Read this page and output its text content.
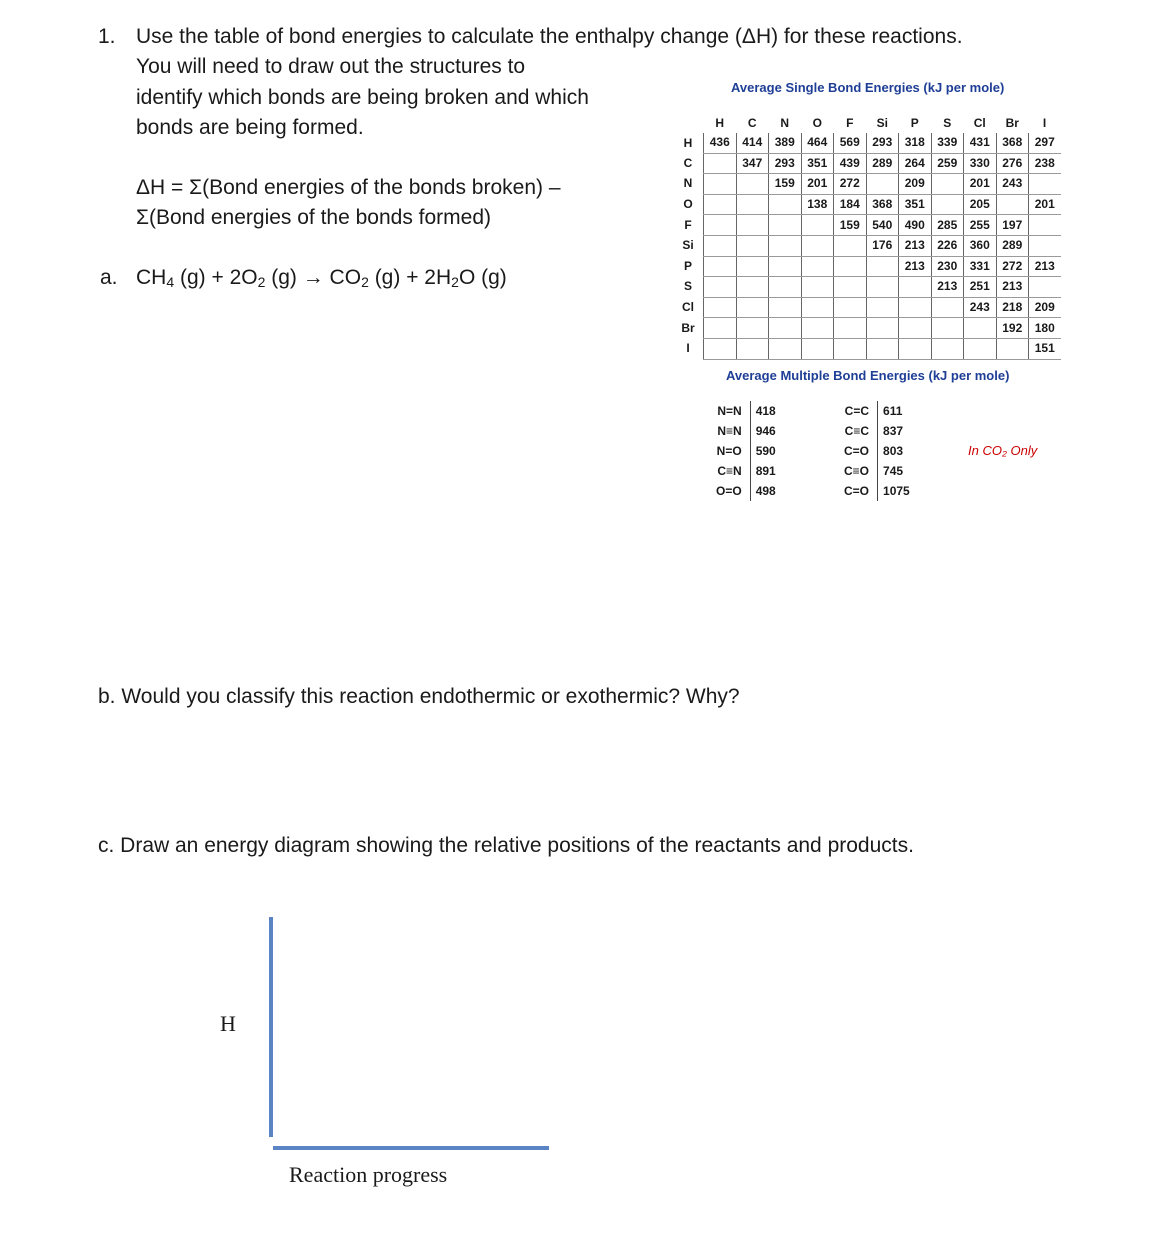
1. Use the table of bond energies to calculate the enthalpy change (ΔH) for these reactions.
You will need to draw out the structures to
identify which bonds are being broken and which
bonds are being formed.
ΔH = Σ(Bond energies of the bonds broken) –
Σ(Bond energies of the bonds formed)
a. $CH_4$ $(g) + 2O_2$ $(g) \to CO_2$ $(g) + 2H_2O$ (g)
Average Single Bond Energies (kJ per mole)
	H	C	N	O	F	Si	P	S	Cl	Br	I
H	436	414	389	464	569	293	318	339	431	368	297
C		347	293	351	439	289	264	259	330	276	238
N			159	201	272		209		201	243	
O				138	184	368	351		205		201
F					159	540	490	285	255	197	
Si						176	213	226	360	289	
P							213	230	331	272	213
S								213	251	213	
Cl									243	218	209
Br										192	180
I											151
Average Multiple Bond Energies (kJ per mole)
N=N	418
N≡N	946
N=O	590
C≡N	891
O=O	498
C=C	611
C≡C	837
C=O	803
C≡O	745
C=O	1075
In CO₂ Only
b. Would you classify this reaction endothermic or exothermic? Why?
c. Draw an energy diagram showing the relative positions of the reactants and products.
H
Reaction progress
